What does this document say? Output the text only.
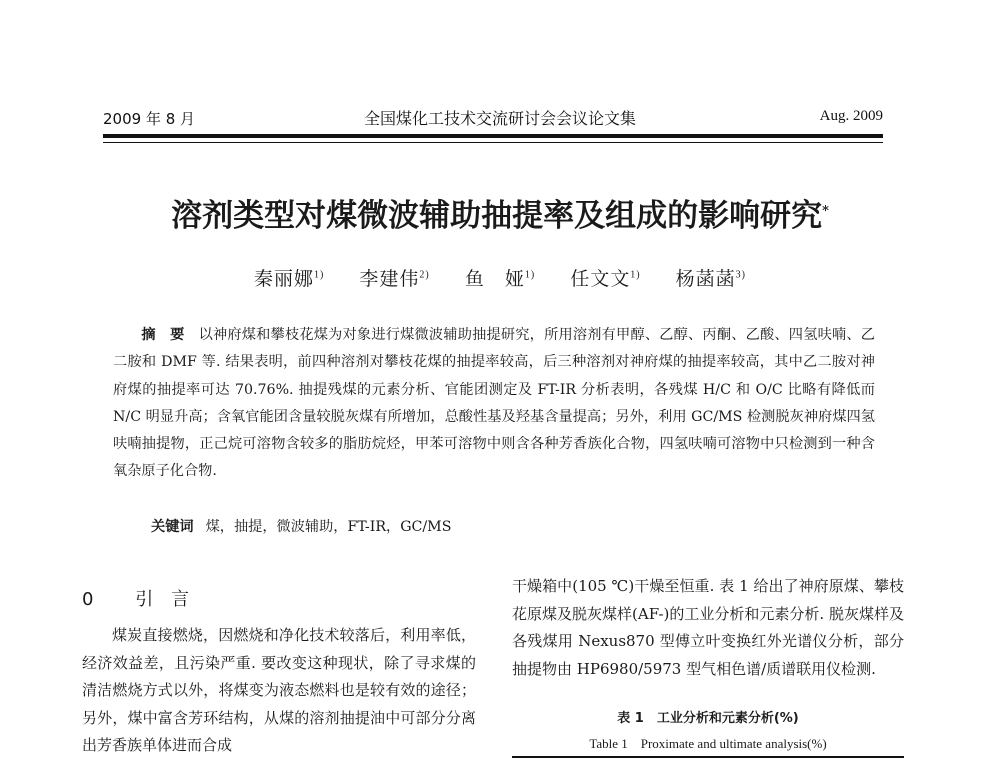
2009 年 8 月	全国煤化工技术交流研讨会会议论文集	Aug. 2009
溶剂类型对煤微波辅助抽提率及组成的影响研究*
秦丽娜$^{1)}$ 李建伟$^{2)}$ 鱼　娅$^{1)}$ 任文文$^{1)}$ 杨菡菡$^{3)}$
摘　要 以神府煤和攀枝花煤为对象进行煤微波辅助抽提研究，所用溶剂有甲醇、乙醇、丙酮、乙酸、四氢呋喃、乙二胺和 DMF 等. 结果表明，前四种溶剂对攀枝花煤的抽提率较高，后三种溶剂对神府煤的抽提率较高，其中乙二胺对神府煤的抽提率可达 70.76%. 抽提残煤的元素分析、官能团测定及 FT-IR 分析表明，各残煤 H/C 和 O/C 比略有降低而 N/C 明显升高；含氧官能团含量较脱灰煤有所增加，总酸性基及羟基含量提高；另外，利用 GC/MS 检测脱灰神府煤四氢呋喃抽提物，正己烷可溶物含较多的脂肪烷烃，甲苯可溶物中则含各种芳香族化合物，四氢呋喃可溶物中只检测到一种含氧杂原子化合物.
关键词 煤，抽提，微波辅助，FT-IR，GC/MS
0 引言
煤炭直接燃烧，因燃烧和净化技术较落后，利用率低，经济效益差，且污染严重. 要改变这种现状，除了寻求煤的清洁燃烧方式以外，将煤变为液态燃料也是较有效的途径；另外，煤中富含芳环结构，从煤的溶剂抽提油中可部分分离出芳香族单体进而合成
干燥箱中(105 ℃)干燥至恒重. 表 1 给出了神府原煤、攀枝花原煤及脱灰煤样(AF-)的工业分析和元素分析. 脱灰煤样及各残煤用 Nexus870 型傅立叶变换红外光谱仪分析，部分抽提物由 HP6980/5973 型气相色谱/质谱联用仪检测.
表 1　工业分析和元素分析(%)
Table 1　Proximate and ultimate analysis(%)
